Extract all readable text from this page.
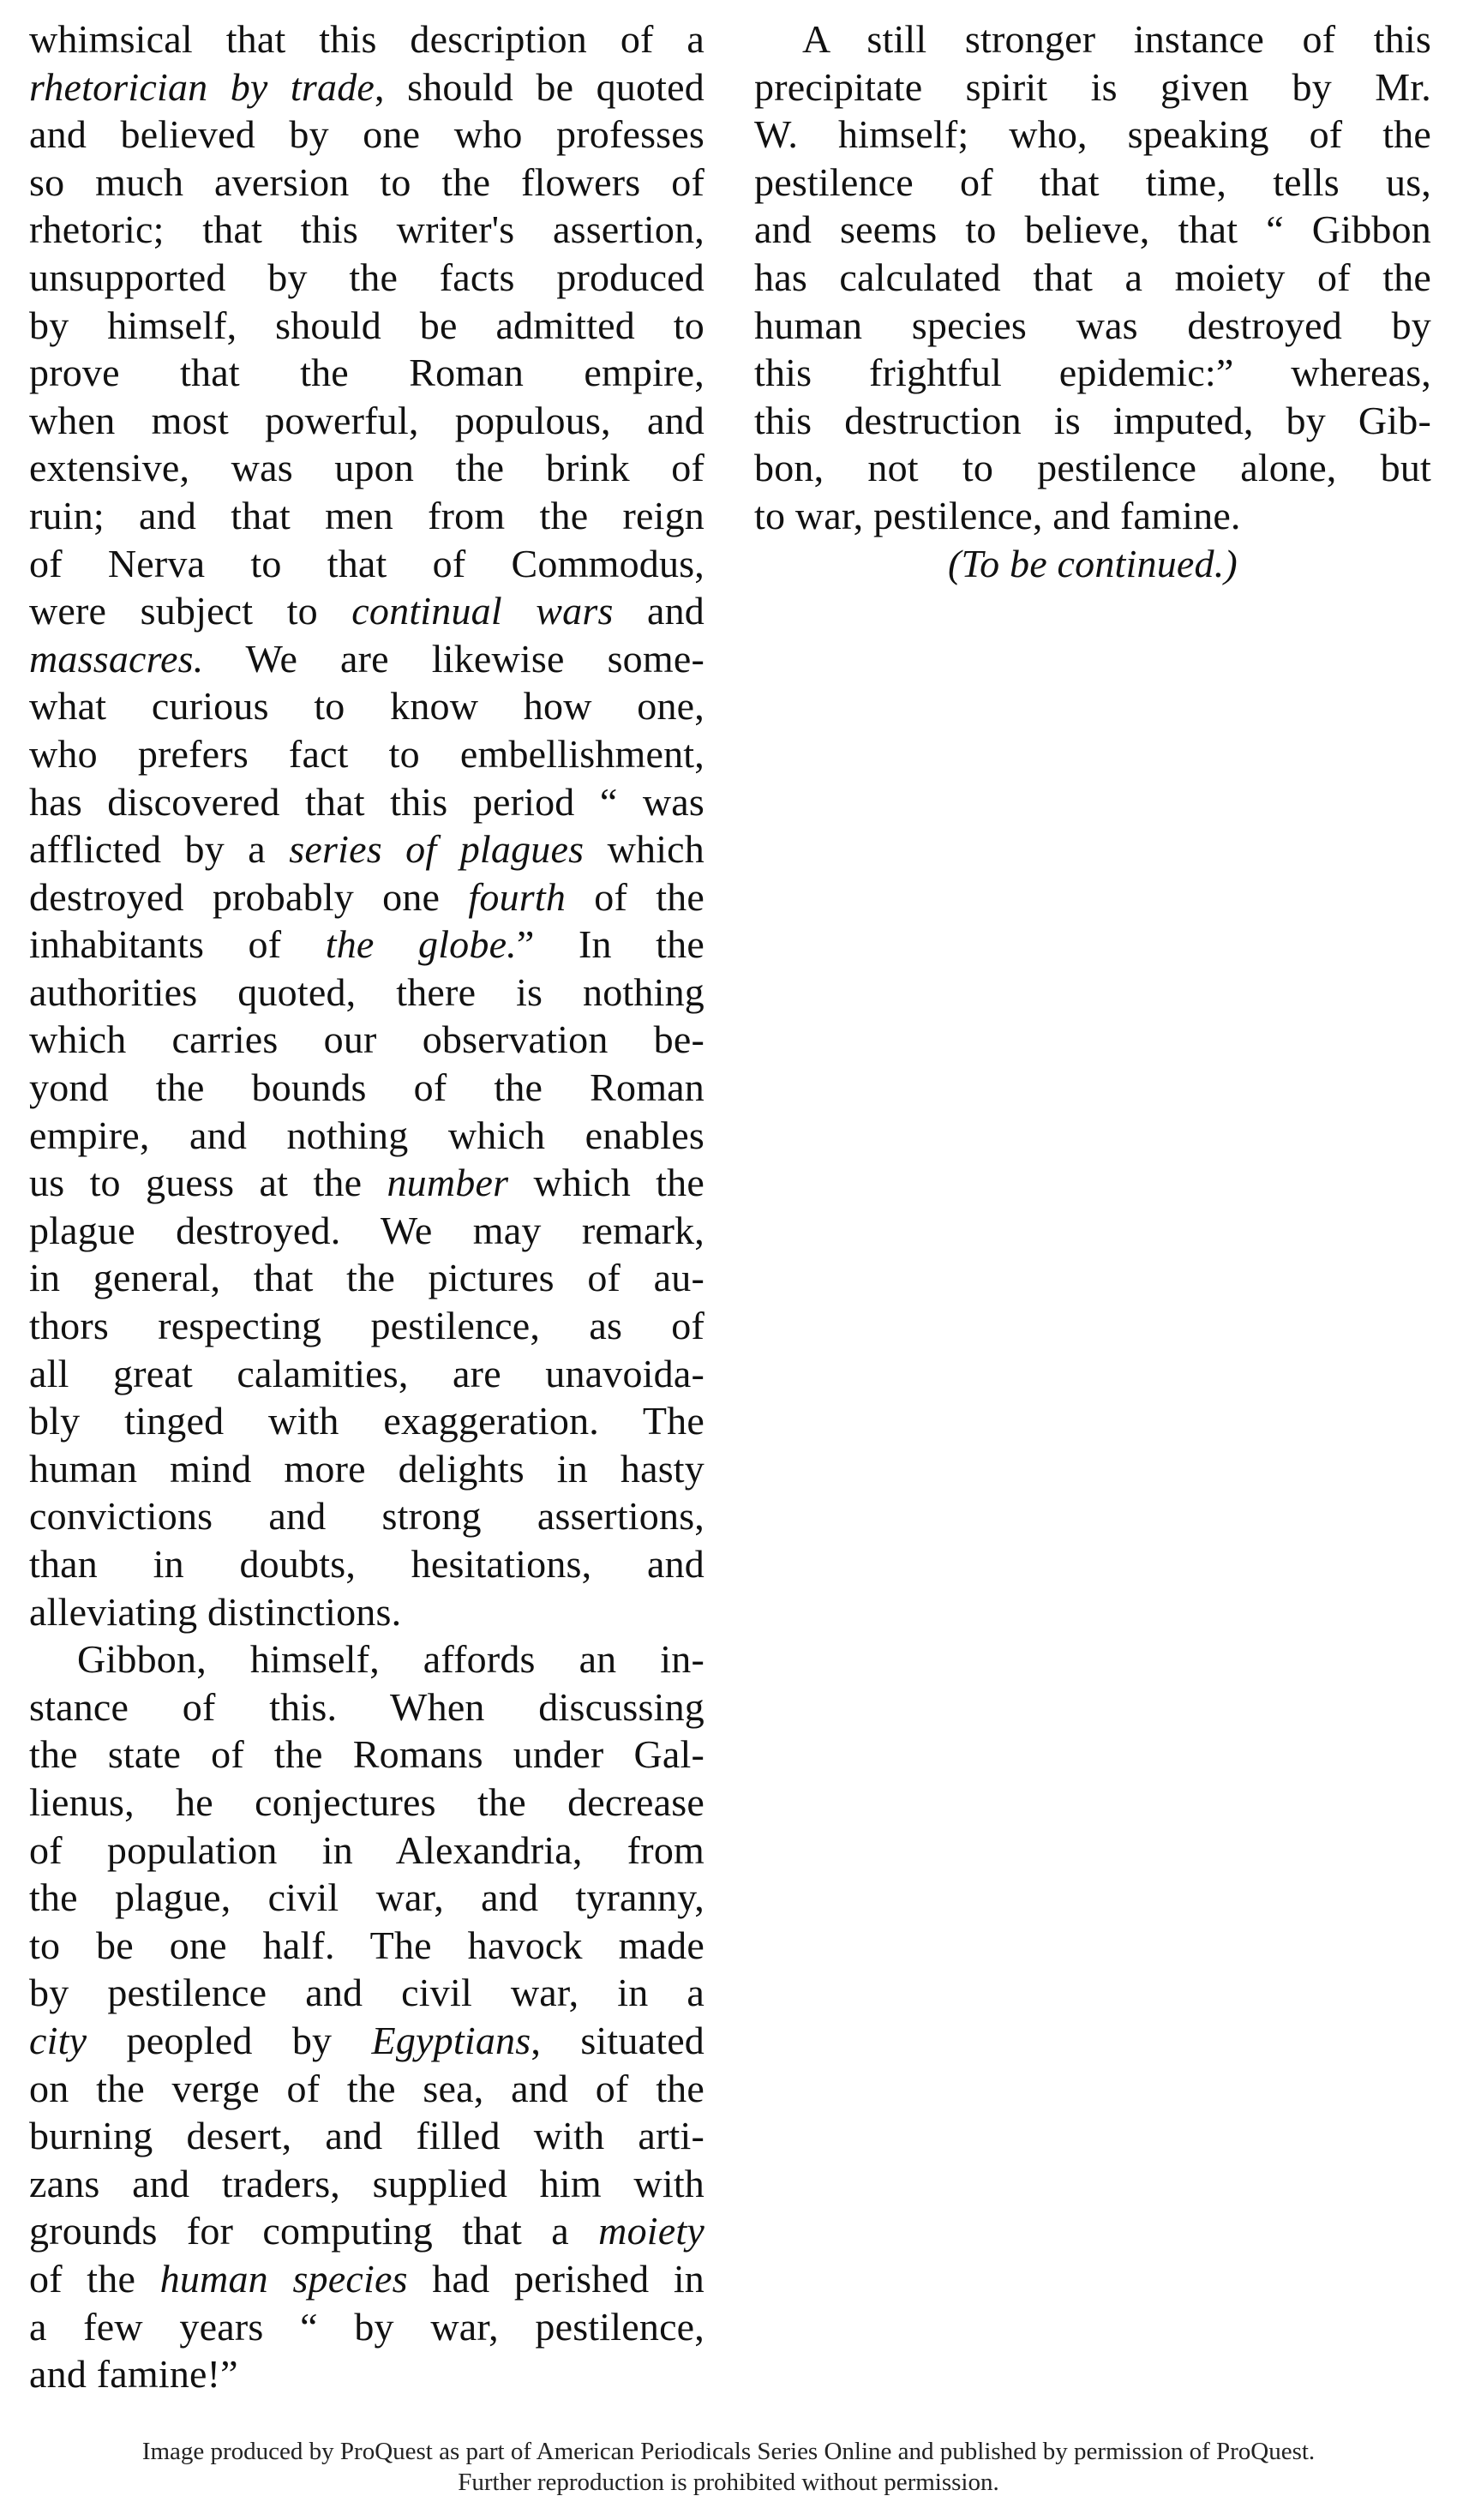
whimsical that this description of a
rhetorician by trade, should be quoted
and believed by one who professes
so much aversion to the flowers of
rhetoric; that this writer's assertion,
unsupported by the facts produced
by himself, should be admitted to
prove that the Roman empire,
when most powerful, populous, and
extensive, was upon the brink of
ruin; and that men from the reign
of Nerva to that of Commodus,
were subject to continual wars and
massacres. We are likewise some-
what curious to know how one,
who prefers fact to embellishment,
has discovered that this period “ was
afflicted by a series of plagues which
destroyed probably one fourth of the
inhabitants of the globe.” In the
authorities quoted, there is nothing
which carries our observation be-
yond the bounds of the Roman
empire, and nothing which enables
us to guess at the number which the
plague destroyed. We may remark,
in general, that the pictures of au-
thors respecting pestilence, as of
all great calamities, are unavoida-
bly tinged with exaggeration. The
human mind more delights in hasty
convictions and strong assertions,
than in doubts, hesitations, and
alleviating distinctions.
Gibbon, himself, affords an in-
stance of this. When discussing
the state of the Romans under Gal-
lienus, he conjectures the decrease
of population in Alexandria, from
the plague, civil war, and tyranny,
to be one half. The havock made
by pestilence and civil war, in a
city peopled by Egyptians, situated
on the verge of the sea, and of the
burning desert, and filled with arti-
zans and traders, supplied him with
grounds for computing that a moiety
of the human species had perished in
a few years “ by war, pestilence,
and famine!”
A still stronger instance of this
precipitate spirit is given by Mr.
W. himself; who, speaking of the
pestilence of that time, tells us,
and seems to believe, that “ Gibbon
has calculated that a moiety of the
human species was destroyed by
this frightful epidemic:” whereas,
this destruction is imputed, by Gib-
bon, not to pestilence alone, but
to war, pestilence, and famine.
(To be continued.)
Image produced by ProQuest as part of American Periodicals Series Online and published by permission of ProQuest.
Further reproduction is prohibited without permission.
